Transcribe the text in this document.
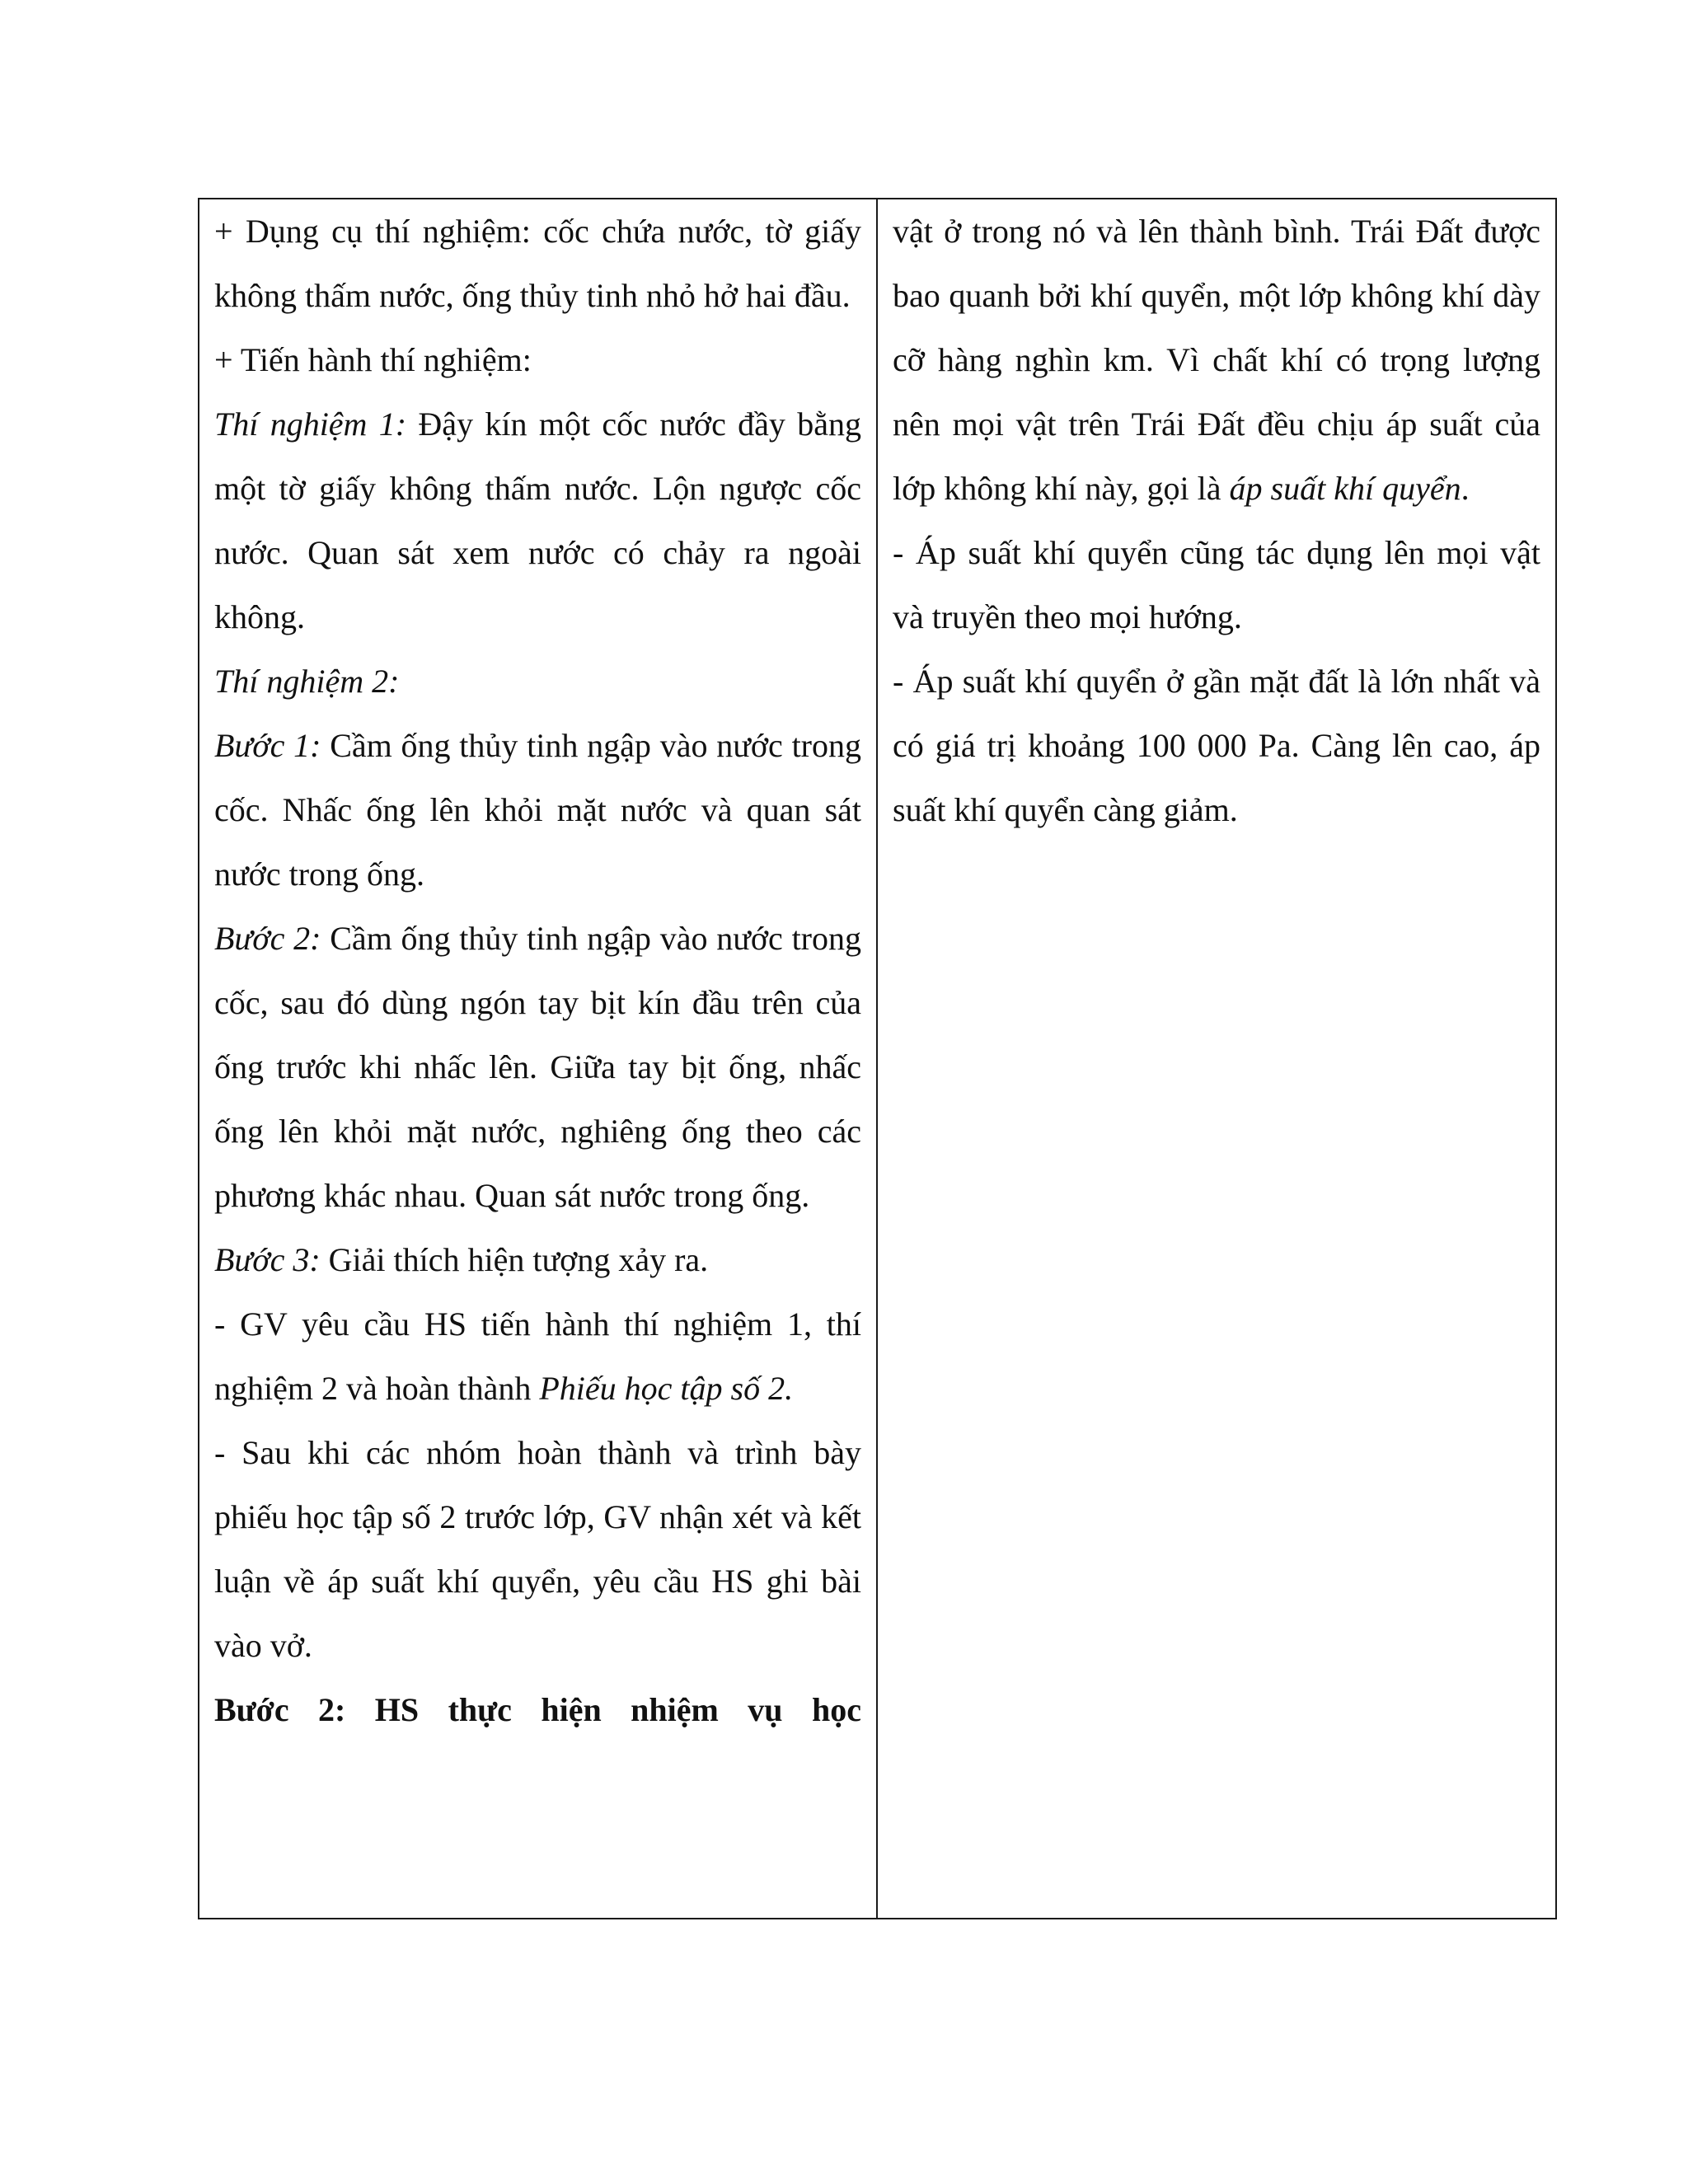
+ Dụng cụ thí nghiệm: cốc chứa nước, tờ giấy không thấm nước, ống thủy tinh nhỏ hở hai đầu.

+ Tiến hành thí nghiệm:

Thí nghiệm 1: Đậy kín một cốc nước đầy bằng một tờ giấy không thấm nước. Lộn ngược cốc nước. Quan sát xem nước có chảy ra ngoài không.

Thí nghiệm 2:

Bước 1: Cầm ống thủy tinh ngập vào nước trong cốc. Nhấc ống lên khỏi mặt nước và quan sát nước trong ống.

Bước 2: Cầm ống thủy tinh ngập vào nước trong cốc, sau đó dùng ngón tay bịt kín đầu trên của ống trước khi nhấc lên. Giữa tay bịt ống, nhấc ống lên khỏi mặt nước, nghiêng ống theo các phương khác nhau. Quan sát nước trong ống.

Bước 3: Giải thích hiện tượng xảy ra.

- GV yêu cầu HS tiến hành thí nghiệm 1, thí nghiệm 2 và hoàn thành Phiếu học tập số 2.

- Sau khi các nhóm hoàn thành và trình bày phiếu học tập số 2 trước lớp, GV nhận xét và kết luận về áp suất khí quyển, yêu cầu HS ghi bài vào vở.

Bước 2: HS thực hiện nhiệm vụ học

vật ở trong nó và lên thành bình. Trái Đất được bao quanh bởi khí quyển, một lớp không khí dày cỡ hàng nghìn km. Vì chất khí có trọng lượng nên mọi vật trên Trái Đất đều chịu áp suất của lớp không khí này, gọi là áp suất khí quyển.

- Áp suất khí quyển cũng tác dụng lên mọi vật và truyền theo mọi hướng.

- Áp suất khí quyển ở gần mặt đất là lớn nhất và có giá trị khoảng 100 000 Pa. Càng lên cao, áp suất khí quyển càng giảm.
